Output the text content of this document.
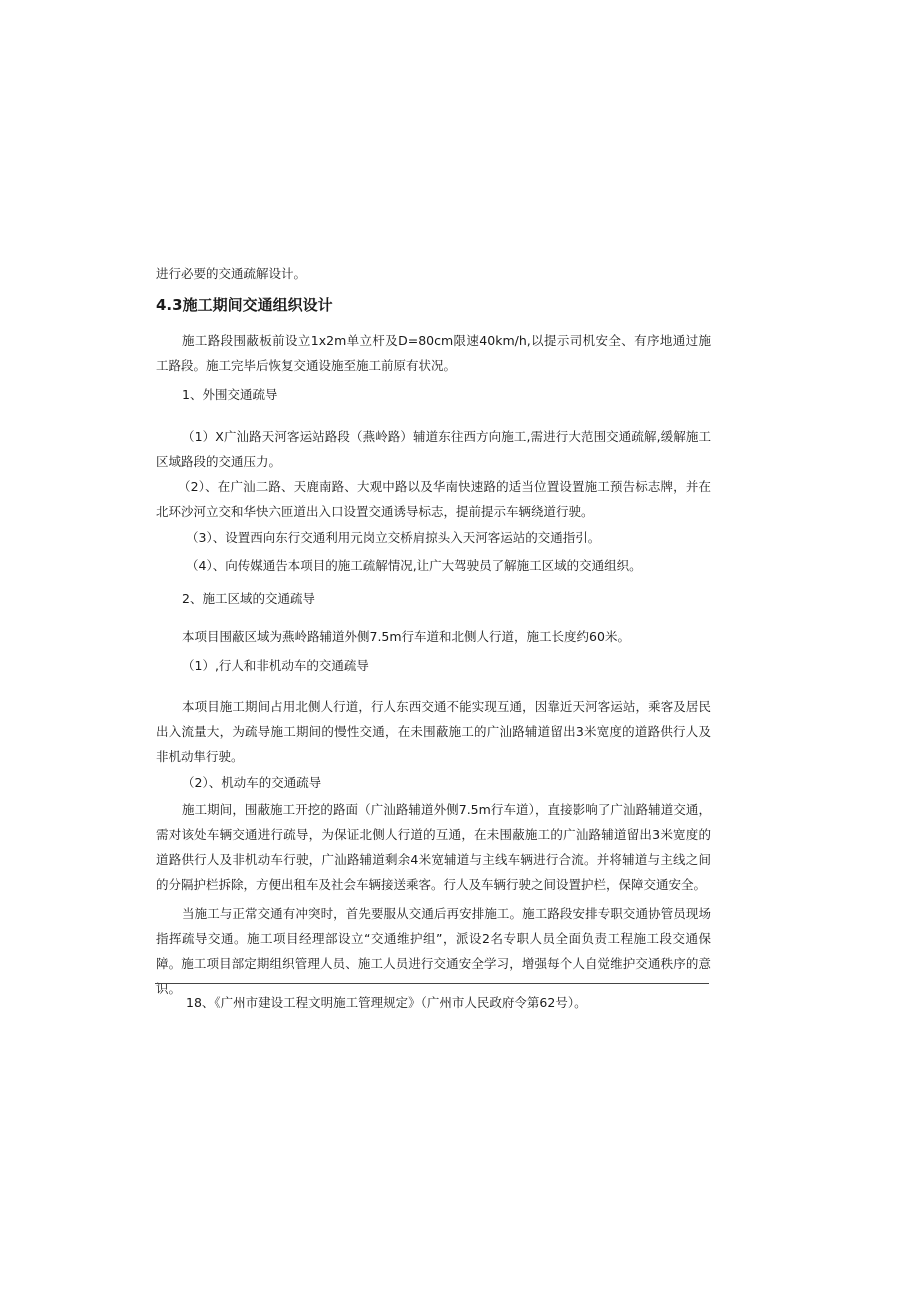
进行必要的交通疏解设计。

4.3施工期间交通组织设计

施工路段围蔽板前设立1x2m单立杆及D=80cm限速40km/h,以提示司机安全、有序地通过施工路段。施工完毕后恢复交通设施至施工前原有状况。

1、外围交通疏导

（1）X广汕路天河客运站路段（燕岭路）辅道东往西方向施工,需进行大范围交通疏解,缓解施工区域路段的交通压力。

（2）、在广汕二路、天鹿南路、大观中路以及华南快速路的适当位置设置施工预告标志牌，并在北环沙河立交和华快六匝道出入口设置交通诱导标志，提前提示车辆绕道行驶。

（3）、设置西向东行交通利用元岗立交桥肩掠头入天河客运站的交通指引。

（4）、向传媒通告本项目的施工疏解情况,让广大驾驶员了解施工区域的交通组织。

2、施工区域的交通疏导

本项目围蔽区域为燕岭路辅道外侧7.5m行车道和北侧人行道，施工长度约60米。

（1）,行人和非机动车的交通疏导

本项目施工期间占用北侧人行道，行人东西交通不能实现互通，因靠近天河客运站，乘客及居民出入流量大，为疏导施工期间的慢性交通，在未围蔽施工的广汕路辅道留出3米宽度的道路供行人及非机动隼行驶。

（2）、机动车的交通疏导

施工期间，围蔽施工开挖的路面（广汕路辅道外侧7.5m行车道），直接影响了广汕路辅道交通，需对该处车辆交通进行疏导，为保证北侧人行道的互通，在未围蔽施工的广汕路辅道留出3米宽度的道路供行人及非机动车行驶，广汕路辅道剩余4米宽辅道与主线车辆进行合流。并将辅道与主线之间的分隔护栏拆除，方便出租车及社会车辆接送乘客。行人及车辆行驶之间设置护栏，保障交通安全。

当施工与正常交通有冲突时，首先要服从交通后再安排施工。施工路段安排专职交通协管员现场指挥疏导交通。施工项目经理部设立“交通维护组”，派设2名专职人员全面负责工程施工段交通保障。施工项目部定期组织管理人员、施工人员进行交通安全学习，增强每个人自觉维护交通秩序的意识。

18、《广州市建设工程文明施工管理规定》（广州市人民政府令第62号）。
